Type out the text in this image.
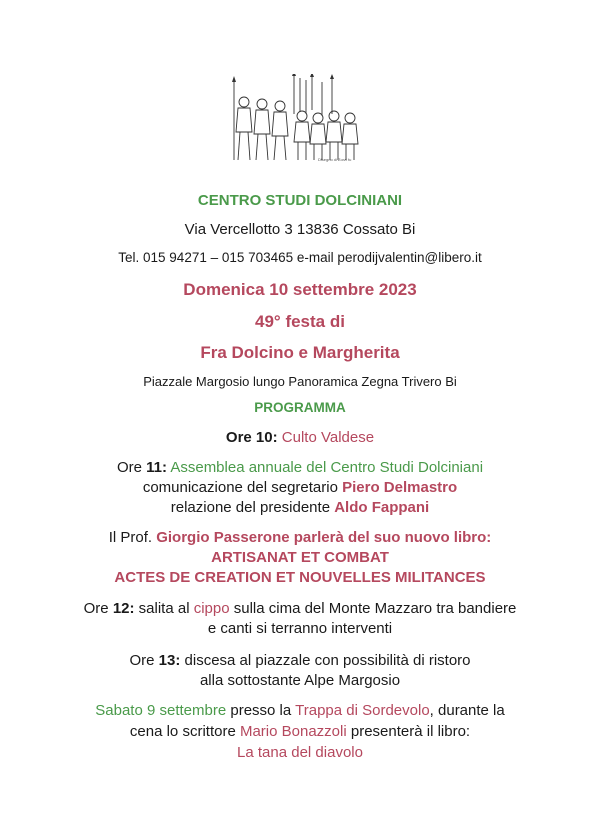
Disegno di Zorzi fu
CENTRO STUDI DOLCINIANI
Via Vercellotto 3 13836 Cossato Bi
Tel. 015 94271 – 015 703465 e-mail perodijvalentin@libero.it
Domenica 10 settembre 2023
49° festa di
Fra Dolcino e Margherita
Piazzale Margosio lungo Panoramica Zegna Trivero Bi
PROGRAMMA
Ore 10: Culto Valdese
Ore 11: Assemblea annuale del Centro Studi Dolciniani
comunicazione del segretario Piero Delmastro
relazione del presidente Aldo Fappani
Il Prof. Giorgio Passerone parlerà del suo nuovo libro:
ARTISANAT ET COMBAT
ACTES DE CREATION ET NOUVELLES MILITANCES
Ore 12: salita al cippo sulla cima del Monte Mazzaro tra bandiere
e canti si terranno interventi
Ore 13: discesa al piazzale con possibilità di ristoro
alla sottostante Alpe Margosio
Sabato 9 settembre presso la Trappa di Sordevolo, durante la
cena lo scrittore Mario Bonazzoli presenterà il libro:
La tana del diavolo
